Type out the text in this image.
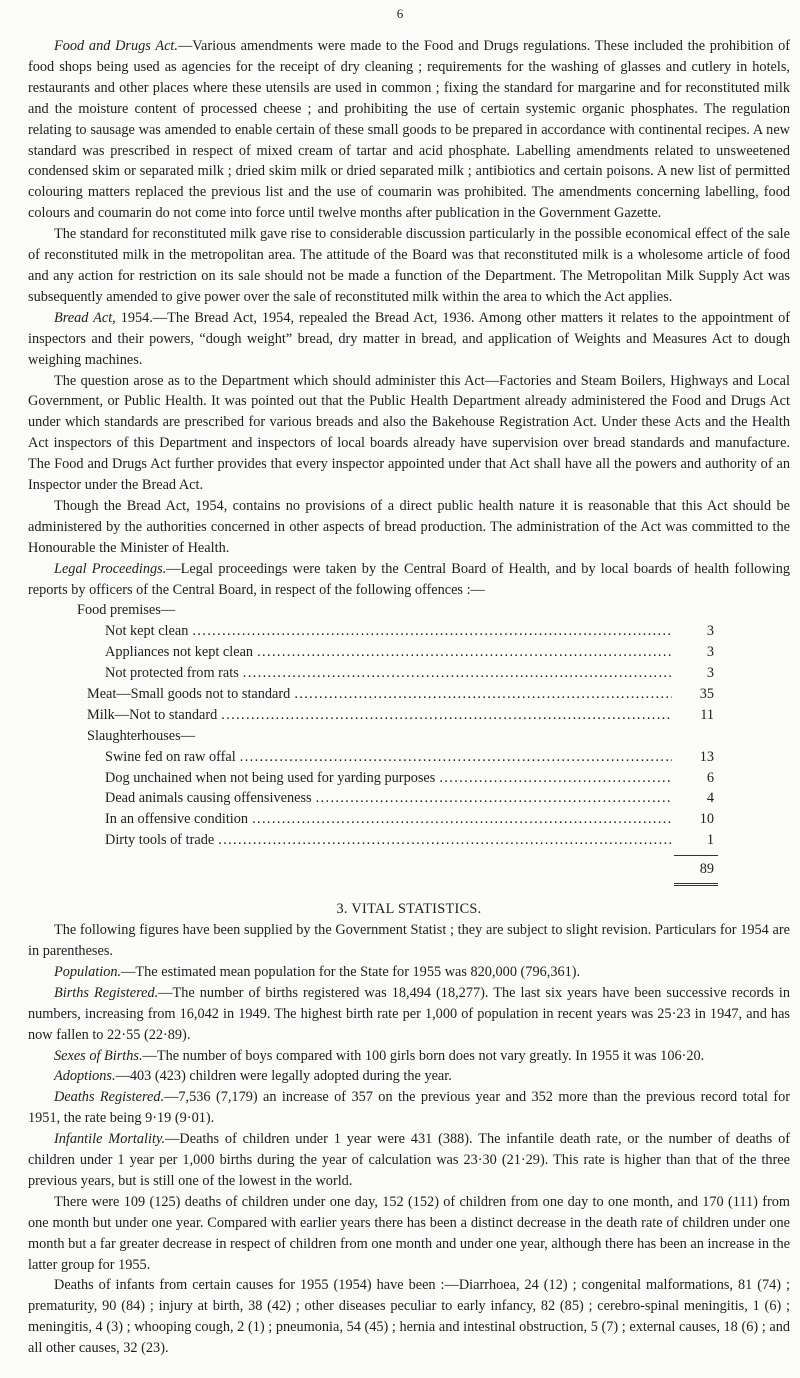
6

Food and Drugs Act.—Various amendments were made to the Food and Drugs regulations. These included the prohibition of food shops being used as agencies for the receipt of dry cleaning ; requirements for the washing of glasses and cutlery in hotels, restaurants and other places where these utensils are used in common ; fixing the standard for margarine and for reconstituted milk and the moisture content of processed cheese ; and prohibiting the use of certain systemic organic phosphates. The regulation relating to sausage was amended to enable certain of these small goods to be prepared in accordance with continental recipes. A new standard was prescribed in respect of mixed cream of tartar and acid phosphate. Labelling amendments related to unsweetened condensed skim or separated milk ; dried skim milk or dried separated milk ; antibiotics and certain poisons. A new list of permitted colouring matters replaced the previous list and the use of coumarin was prohibited. The amendments concerning labelling, food colours and coumarin do not come into force until twelve months after publication in the Government Gazette.

The standard for reconstituted milk gave rise to considerable discussion particularly in the possible economical effect of the sale of reconstituted milk in the metropolitan area. The attitude of the Board was that reconstituted milk is a wholesome article of food and any action for restriction on its sale should not be made a function of the Department. The Metropolitan Milk Supply Act was subsequently amended to give power over the sale of reconstituted milk within the area to which the Act applies.

Bread Act, 1954.—The Bread Act, 1954, repealed the Bread Act, 1936. Among other matters it relates to the appointment of inspectors and their powers, “dough weight” bread, dry matter in bread, and application of Weights and Measures Act to dough weighing machines.

The question arose as to the Department which should administer this Act—Factories and Steam Boilers, Highways and Local Government, or Public Health. It was pointed out that the Public Health Department already administered the Food and Drugs Act under which standards are prescribed for various breads and also the Bakehouse Registration Act. Under these Acts and the Health Act inspectors of this Department and inspectors of local boards already have supervision over bread standards and manufacture. The Food and Drugs Act further provides that every inspector appointed under that Act shall have all the powers and authority of an Inspector under the Bread Act.

Though the Bread Act, 1954, contains no provisions of a direct public health nature it is reasonable that this Act should be administered by the authorities concerned in other aspects of bread production. The administration of the Act was committed to the Honourable the Minister of Health.

Legal Proceedings.—Legal proceedings were taken by the Central Board of Health, and by local boards of health following reports by officers of the Central Board, in respect of the following offences :—

Food premises—
Not kept clean . . .	3
Appliances not kept clean . . .	3
Not protected from rats . . .	3
Meat—Small goods not to standard . . .	35
Milk—Not to standard . . .	11
Slaughterhouses—
Swine fed on raw offal . . .	13
Dog unchained when not being used for yarding purposes . . .	6
Dead animals causing offensiveness . . .	4
In an offensive condition . . .	10
Dirty tools of trade . . .	1
89

3. VITAL STATISTICS.

The following figures have been supplied by the Government Statist ; they are subject to slight revision. Particulars for 1954 are in parentheses.

Population.—The estimated mean population for the State for 1955 was 820,000 (796,361).

Births Registered.—The number of births registered was 18,494 (18,277). The last six years have been successive records in numbers, increasing from 16,042 in 1949. The highest birth rate per 1,000 of population in recent years was 25·23 in 1947, and has now fallen to 22·55 (22·89).

Sexes of Births.—The number of boys compared with 100 girls born does not vary greatly. In 1955 it was 106·20.

Adoptions.—403 (423) children were legally adopted during the year.

Deaths Registered.—7,536 (7,179) an increase of 357 on the previous year and 352 more than the previous record total for 1951, the rate being 9·19 (9·01).

Infantile Mortality.—Deaths of children under 1 year were 431 (388). The infantile death rate, or the number of deaths of children under 1 year per 1,000 births during the year of calculation was 23·30 (21·29). This rate is higher than that of the three previous years, but is still one of the lowest in the world.

There were 109 (125) deaths of children under one day, 152 (152) of children from one day to one month, and 170 (111) from one month but under one year. Compared with earlier years there has been a distinct decrease in the death rate of children under one month but a far greater decrease in respect of children from one month and under one year, although there has been an increase in the latter group for 1955.

Deaths of infants from certain causes for 1955 (1954) have been :—Diarrhoea, 24 (12) ; congenital malformations, 81 (74) ; prematurity, 90 (84) ; injury at birth, 38 (42) ; other diseases peculiar to early infancy, 82 (85) ; cerebro-spinal meningitis, 1 (6) ; meningitis, 4 (3) ; whooping cough, 2 (1) ; pneumonia, 54 (45) ; hernia and intestinal obstruction, 5 (7) ; external causes, 18 (6) ; and all other causes, 32 (23).
